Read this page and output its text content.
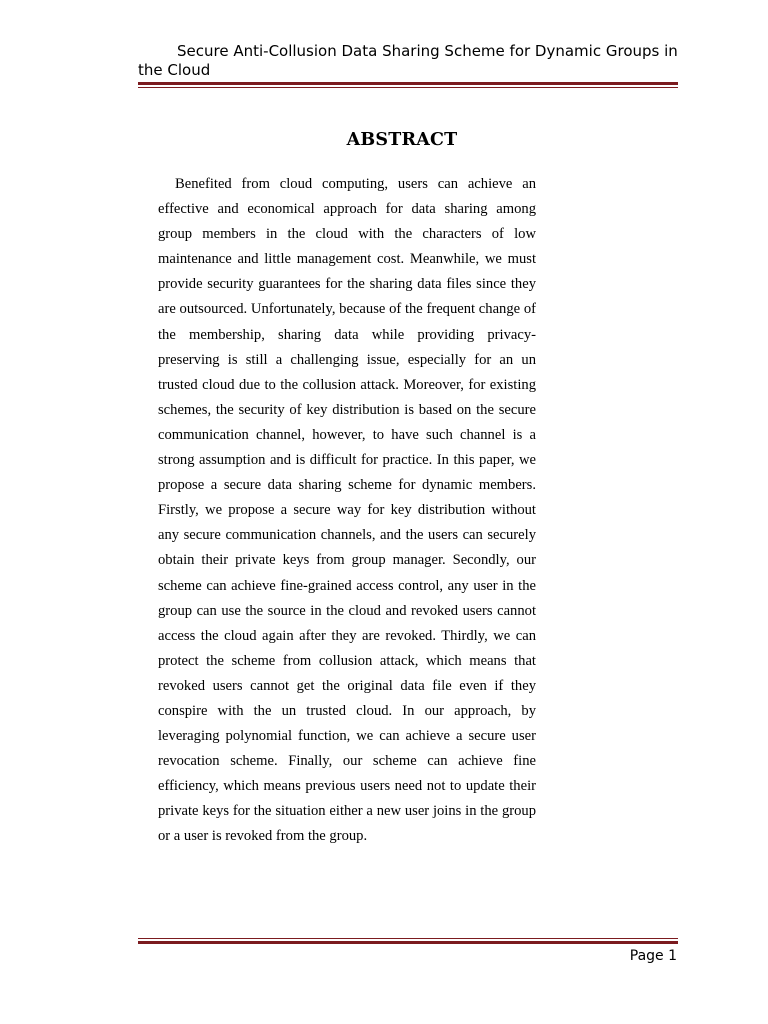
Secure Anti-Collusion Data Sharing Scheme for Dynamic Groups in the Cloud
ABSTRACT

Benefited from cloud computing, users can achieve an effective and economical approach for data sharing among group members in the cloud with the characters of low maintenance and little management cost. Meanwhile, we must provide security guarantees for the sharing data files since they are outsourced. Unfortunately, because of the frequent change of the membership, sharing data while providing privacy-preserving is still a challenging issue, especially for an un trusted cloud due to the collusion attack. Moreover, for existing schemes, the security of key distribution is based on the secure communication channel, however, to have such channel is a strong assumption and is difficult for practice. In this paper, we propose a secure data sharing scheme for dynamic members. Firstly, we propose a secure way for key distribution without any secure communication channels, and the users can securely obtain their private keys from group manager. Secondly, our scheme can achieve fine-grained access control, any user in the group can use the source in the cloud and revoked users cannot access the cloud again after they are revoked. Thirdly, we can protect the scheme from collusion attack, which means that revoked users cannot get the original data file even if they conspire with the un trusted cloud. In our approach, by leveraging polynomial function, we can achieve a secure user revocation scheme. Finally, our scheme can achieve fine efficiency, which means previous users need not to update their private keys for the situation either a new user joins in the group or a user is revoked from the group.

Page 1
